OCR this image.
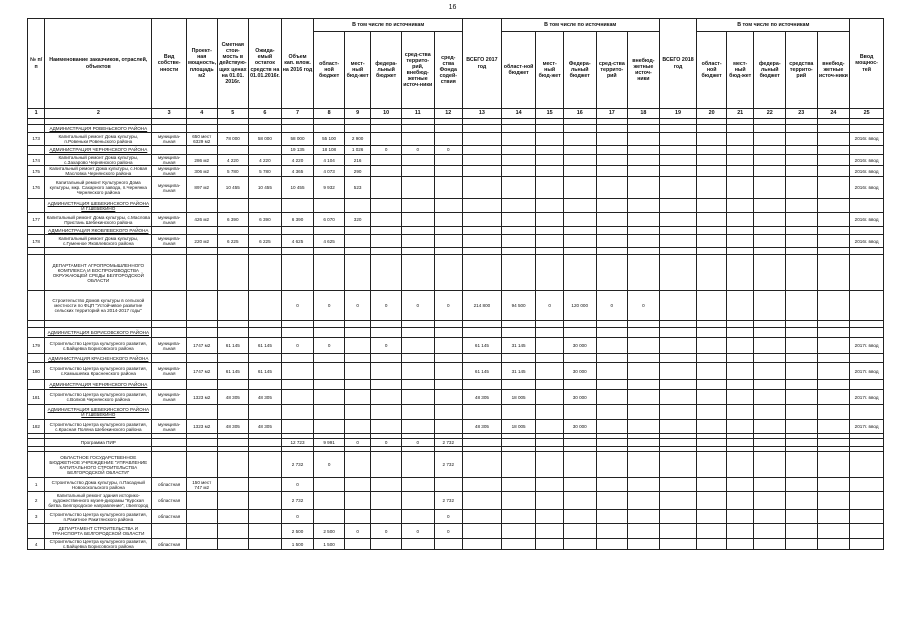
16
№ п/п	Наименование заказчиков, отраслей, объектов	Вид собстве-нности	Проект-ная мощность, площадь м2	Сметная стои-мость в действую-щих ценах на 01.01. 2016г.	Ожида-емый остаток средств на 01.01.2016г.	Объем кап. влож. на 2016 год	В том числе по источникам					ВСЕГО 2017 год	В том числе по источникам					ВСЕГО 2018 год	В том числе по источникам					Ввод мощнос-тей
							област-ной бюджет	мест-ный бюд-жет	федера-льный бюджет	сред-ства террито-рий, внебюд-жетные источ-ники	сред-ства Фонда содей-ствия		област-ной бюджет	мест-ный бюд-жет	Федера-льный бюджет	сред-ства террито-рий	внебюд-жетные источ-ники		област-ной бюджет	мест-ный бюд-жет	федера-льный бюджет	средства террито-рий	внебюд-жетные источ-ники	
1	2	3	4	5	6	7	8	9	10	11	12	13	14	15	16	17	18	19	20	21	22	23	24	25

	АДМИНИСТРАЦИЯ РОВЕНЬСКОГО РАЙОНА																							
173	Капитальный ремонт Дома культуры, п.Ровеньки Ровеньского района	муниципа-льная	650 мест 6329 м2	78 000	58 000	58 000	55 100	2 900																2016г. ввод
	АДМИНИСТРАЦИЯ ЧЕРНЯНСКОГО РАЙОНА					19 135	18 108	1 026	0	0	0													
174	Капитальный ремонт Дома культуры, с.Захарово Чернянского района	муниципа-льная	286 м2	4 220	4 220	4 220	4 104	216																2016г. ввод
175	Капитальный ремонт Дома культуры, с.Новая Масловка Чернянского района	муниципа-льная	306 м2	5 780	5 780	4 365	4 073	290																2016г. ввод
176	Капитальный ремонт Культурного Дома культуры, мкр. Сахарного завода, п.Чернянка Чернянского района	муниципа-льная	897 м2	10 455	10 455	10 455	9 932	523																2016г. ввод
	АДМИНИСТРАЦИЯ ШЕБЕКИНСКОГО РАЙОНА И Г.ШЕБЕКИНО																							
177	Капитальный ремонт Дома культуры, с.Маслова Пристань Шебекинского района	муниципа-льная	426 м2	6 390	6 390	6 390	6 070	320																2016г. ввод
	АДМИНИСТРАЦИЯ ЯКОВЛЕВСКОГО РАЙОНА																							
178	Капитальный ремонт Дома культуры, с.Гуменное Яковлевского района	муниципа-льная	220 м2	6 225	6 225	4 625	4 625																	2016г. ввод

	ДЕПАРТАМЕНТ АГРОПРОМЫШЛЕННОГО КОМПЛЕКСА И ВОСПРОИЗВОДСТВА ОКРУЖАЮЩЕЙ СРЕДЫ БЕЛГОРОДСКОЙ ОБЛАСТИ																							
	Строительство Домов культуры в сельской местности по ФЦП "Устойчивое развитие сельских территорий на 2014-2017 годы"					0	0	0	0	0	0	214 800	94 500	0	120 000	0	0							

	АДМИНИСТРАЦИЯ БОРИСОВСКОГО РАЙОНА																							
179	Строительство Центра культурного развития, с.Байцевка Борисовского района	муниципа-льная	1747 м2	61 145	61 145	0	0		0			61 145	31 145		30 000									2017г. ввод
	АДМИНИСТРАЦИЯ КРАСНЕНСКОГО РАЙОНА																							
180	Строительство Центра культурного развития, с.Камышевка Красненского района	муниципа-льная	1747 м2	61 145	61 145							61 145	31 145		30 000									2017г. ввод
	АДМИНИСТРАЦИЯ ЧЕРНЯНСКОГО РАЙОНА																							
181	Строительство Центра культурного развития, с.Волков Чернянского района	муниципа-льная	1323 м2	48 305	48 305							48 305	18 005		30 000									2017г. ввод
	АДМИНИСТРАЦИЯ ШЕБЕКИНСКОГО РАЙОНА И Г.ШЕБЕКИНО																							
182	Строительство Центра культурного развития, с.Красная Поляна Шебекинского района	муниципа-льная	1323 м2	48 305	48 305							48 305	18 005		30 000									2017г. ввод

	Программа ПИР					12 723	9 991	0	0	0	2 732													

	ОБЛАСТНОЕ ГОСУДАРСТВЕННОЕ БЮДЖЕТНОЕ УЧРЕЖДЕНИЕ "УПРАВЛЕНИЕ КАПИТАЛЬНОГО СТРОИТЕЛЬСТВА БЕЛГОРОДСКОЙ ОБЛАСТИ"					2 732	0				2 732													
1	Строительство Дома культуры, п.Пасадный Новооскольского района	областная	150 мест 747 м2			0																		
2	Капитальный ремонт здания историко-художественного музея-диорамы "Курская битва. Белгородское направление", г.Белгород	областная				2 732					2 732													
3	Строительство Центра культурного развития, п.Ракитное Ракитянского района	областная				0					0													
	ДЕПАРТАМЕНТ СТРОИТЕЛЬСТВА И ТРАНСПОРТА БЕЛГОРОДСКОЙ ОБЛАСТИ					2 500	2 500	0	0	0	0													
4	Строительство Центра культурного развития, с.Байцевка Борисовского района	областная				1 500	1 500																	
